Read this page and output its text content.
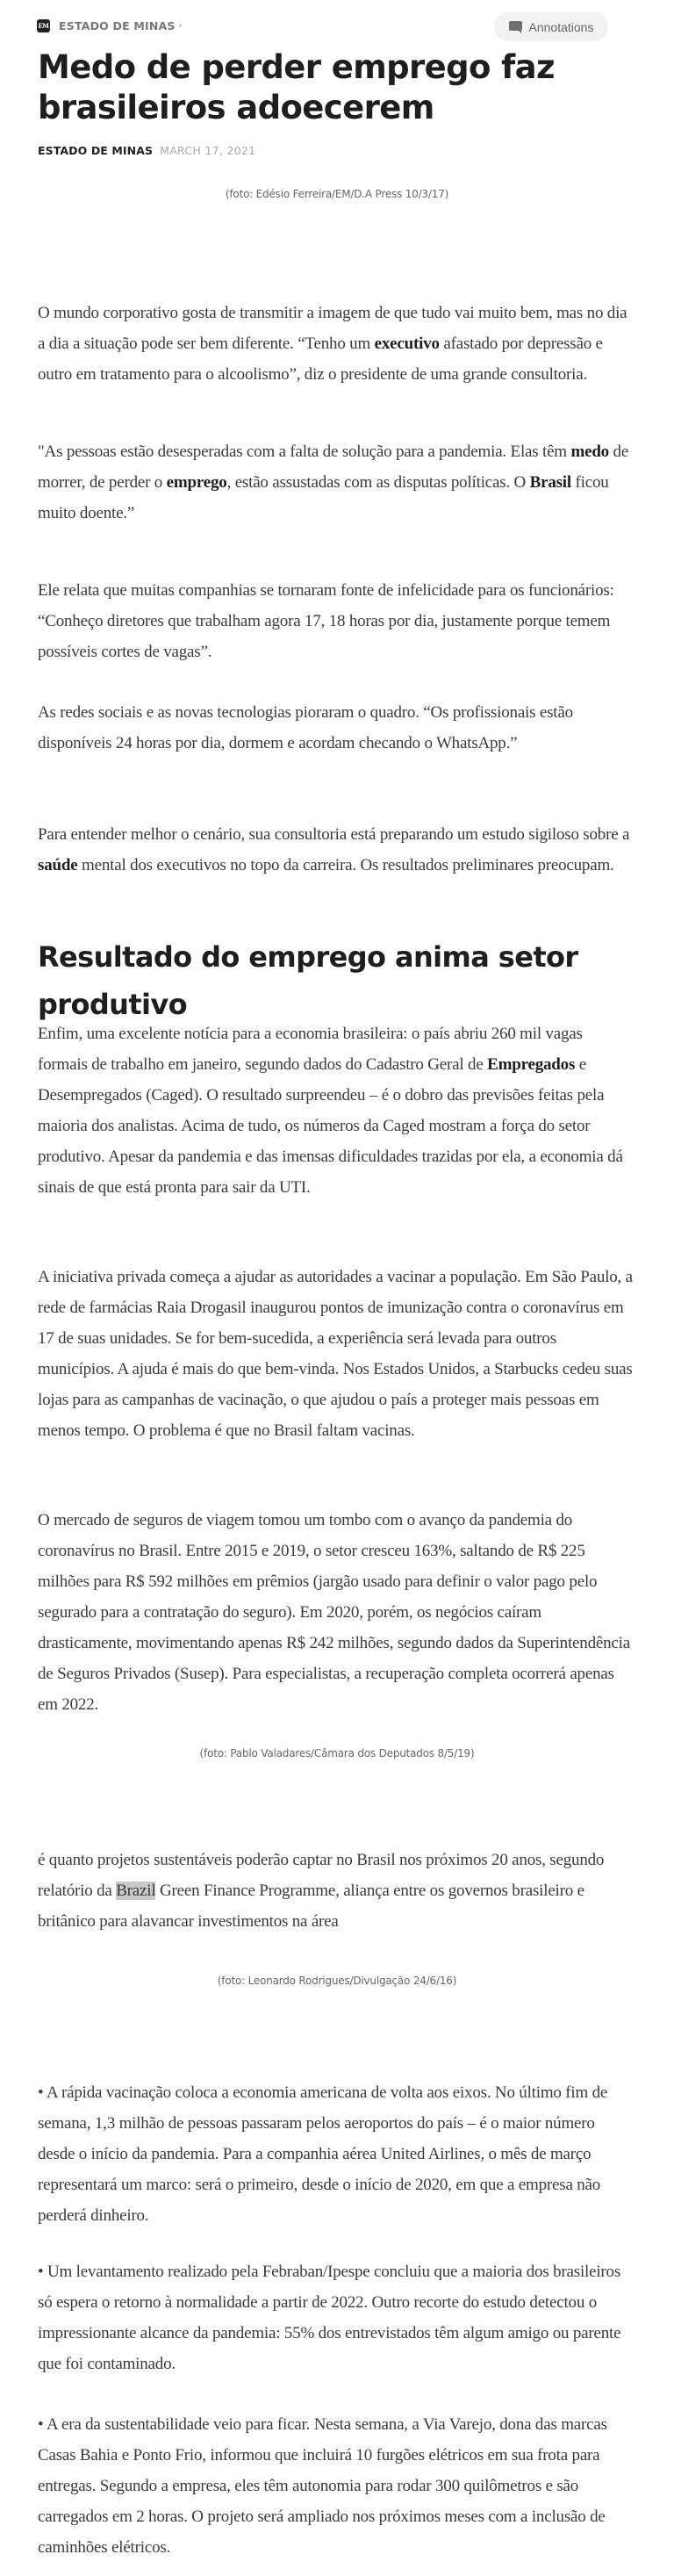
EM ESTADO DE MINAS ›	Annotations
Medo de perder emprego faz brasileiros adoecerem
ESTADO DE MINAS MARCH 17, 2021
(foto: Edésio Ferreira/EM/D.A Press 10/3/17)

O mundo corporativo gosta de transmitir a imagem de que tudo vai muito bem, mas no dia a dia a situação pode ser bem diferente. “Tenho um executivo afastado por depressão e outro em tratamento para o alcoolismo”, diz o presidente de uma grande consultoria.

"As pessoas estão desesperadas com a falta de solução para a pandemia. Elas têm medo de morrer, de perder o emprego, estão assustadas com as disputas políticas. O Brasil ficou muito doente.”

Ele relata que muitas companhias se tornaram fonte de infelicidade para os funcionários: “Conheço diretores que trabalham agora 17, 18 horas por dia, justamente porque temem possíveis cortes de vagas”.

As redes sociais e as novas tecnologias pioraram o quadro. “Os profissionais estão disponíveis 24 horas por dia, dormem e acordam checando o WhatsApp.”

Para entender melhor o cenário, sua consultoria está preparando um estudo sigiloso sobre a saúde mental dos executivos no topo da carreira. Os resultados preliminares preocupam.

Resultado do emprego anima setor produtivo

Enfim, uma excelente notícia para a economia brasileira: o país abriu 260 mil vagas formais de trabalho em janeiro, segundo dados do Cadastro Geral de Empregados e Desempregados (Caged). O resultado surpreendeu – é o dobro das previsões feitas pela maioria dos analistas. Acima de tudo, os números da Caged mostram a força do setor produtivo. Apesar da pandemia e das imensas dificuldades trazidas por ela, a economia dá sinais de que está pronta para sair da UTI.

A iniciativa privada começa a ajudar as autoridades a vacinar a população. Em São Paulo, a rede de farmácias Raia Drogasil inaugurou pontos de imunização contra o coronavírus em 17 de suas unidades. Se for bem-sucedida, a experiência será levada para outros municípios. A ajuda é mais do que bem-vinda. Nos Estados Unidos, a Starbucks cedeu suas lojas para as campanhas de vacinação, o que ajudou o país a proteger mais pessoas em menos tempo. O problema é que no Brasil faltam vacinas.

O mercado de seguros de viagem tomou um tombo com o avanço da pandemia do coronavírus no Brasil. Entre 2015 e 2019, o setor cresceu 163%, saltando de R$ 225 milhões para R$ 592 milhões em prêmios (jargão usado para definir o valor pago pelo segurado para a contratação do seguro). Em 2020, porém, os negócios caíram drasticamente, movimentando apenas R$ 242 milhões, segundo dados da Superintendência de Seguros Privados (Susep). Para especialistas, a recuperação completa ocorrerá apenas em 2022.

(foto: Pablo Valadares/Câmara dos Deputados 8/5/19)

é quanto projetos sustentáveis poderão captar no Brasil nos próximos 20 anos, segundo relatório da Brazil Green Finance Programme, aliança entre os governos brasileiro e britânico para alavancar investimentos na área

(foto: Leonardo Rodrigues/Divulgação 24/6/16)

• A rápida vacinação coloca a economia americana de volta aos eixos. No último fim de semana, 1,3 milhão de pessoas passaram pelos aeroportos do país – é o maior número desde o início da pandemia. Para a companhia aérea United Airlines, o mês de março representará um marco: será o primeiro, desde o início de 2020, em que a empresa não perderá dinheiro.

• Um levantamento realizado pela Febraban/Ipespe concluiu que a maioria dos brasileiros só espera o retorno à normalidade a partir de 2022. Outro recorte do estudo detectou o impressionante alcance da pandemia: 55% dos entrevistados têm algum amigo ou parente que foi contaminado.

• A era da sustentabilidade veio para ficar. Nesta semana, a Via Varejo, dona das marcas Casas Bahia e Ponto Frio, informou que incluirá 10 furgões elétricos em sua frota para entregas. Segundo a empresa, eles têm autonomia para rodar 300 quilômetros e são carregados em 2 horas. O projeto será ampliado nos próximos meses com a inclusão de caminhões elétricos.
